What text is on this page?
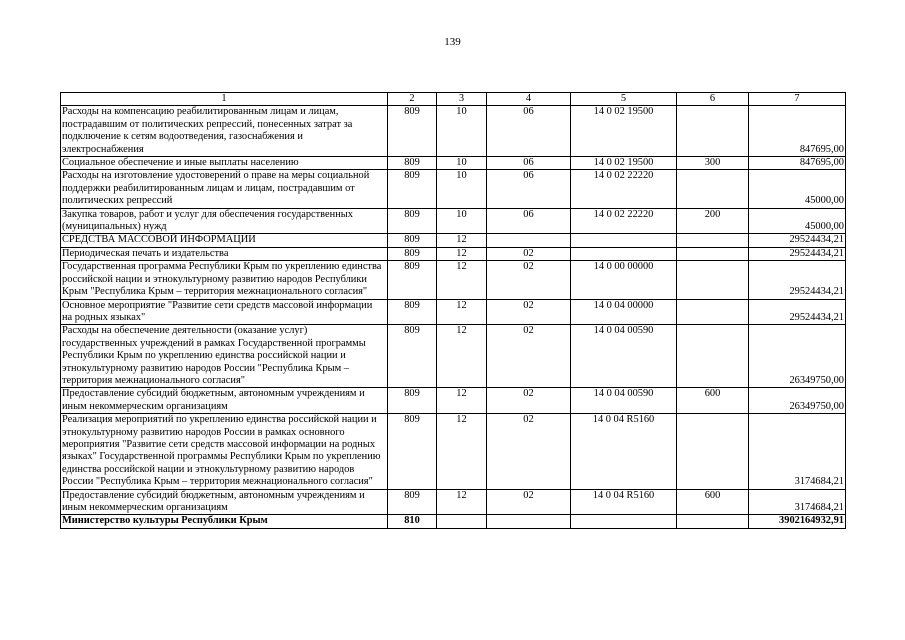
139
1	2	3	4	5	6	7
Расходы на компенсацию реабилитированным лицам и лицам, пострадавшим от политических репрессий, понесенных затрат за подключение к сетям водоотведения, газоснабжения и электроснабжения	809	10	06	14 0 02 19500		847695,00
Социальное обеспечение и иные выплаты населению	809	10	06	14 0 02 19500	300	847695,00
Расходы на изготовление удостоверений о праве на меры социальной поддержки реабилитированным лицам и лицам, пострадавшим от политических репрессий	809	10	06	14 0 02 22220		45000,00
Закупка товаров, работ и услуг для обеспечения государственных (муниципальных) нужд	809	10	06	14 0 02 22220	200	45000,00
СРЕДСТВА МАССОВОЙ ИНФОРМАЦИИ	809	12				29524434,21
Периодическая печать и издательства	809	12	02			29524434,21
Государственная программа Республики Крым по укреплению единства российской нации и этнокультурному развитию народов Республики Крым "Республика Крым – территория межнационального согласия"	809	12	02	14 0 00 00000		29524434,21
Основное мероприятие "Развитие сети средств массовой информации на родных языках"	809	12	02	14 0 04 00000		29524434,21
Расходы на обеспечение деятельности (оказание услуг) государственных учреждений в рамках Государственной программы Республики Крым по укреплению единства российской нации и этнокультурному развитию народов России "Республика Крым – территория межнационального согласия"	809	12	02	14 0 04 00590		26349750,00
Предоставление субсидий бюджетным, автономным учреждениям и иным некоммерческим организациям	809	12	02	14 0 04 00590	600	26349750,00
Реализация мероприятий по укреплению единства российской нации и этнокультурному развитию народов России в рамках основного мероприятия "Развитие сети средств массовой информации на родных языках" Государственной программы Республики Крым по укреплению единства российской нации и этнокультурному развитию народов России "Республика Крым – территория межнационального согласия"	809	12	02	14 0 04 R5160		3174684,21
Предоставление субсидий бюджетным, автономным учреждениям и иным некоммерческим организациям	809	12	02	14 0 04 R5160	600	3174684,21
Министерство культуры Республики Крым	810					3902164932,91
